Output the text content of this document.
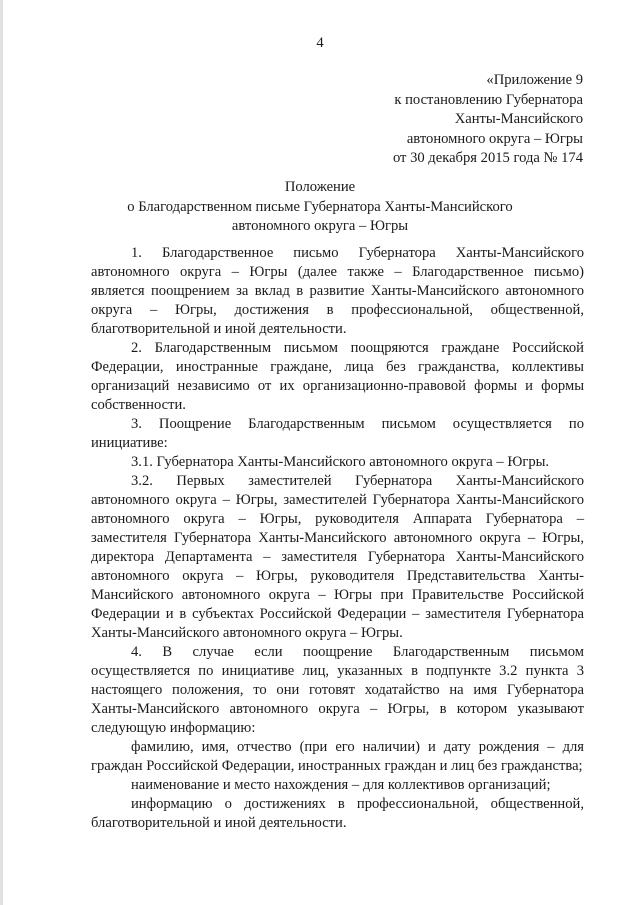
4
«Приложение 9
к постановлению Губернатора
Ханты-Мансийского
автономного округа – Югры
от 30 декабря 2015 года № 174
Положение
о Благодарственном письме Губернатора Ханты-Мансийского
автономного округа – Югры

1. Благодарственное письмо Губернатора Ханты-Мансийского автономного округа – Югры (далее также – Благодарственное письмо) является поощрением за вклад в развитие Ханты-Мансийского автономного округа – Югры, достижения в профессиональной, общественной, благотворительной и иной деятельности.

2. Благодарственным письмом поощряются граждане Российской Федерации, иностранные граждане, лица без гражданства, коллективы организаций независимо от их организационно-правовой формы и формы собственности.

3. Поощрение Благодарственным письмом осуществляется по инициативе:

3.1. Губернатора Ханты-Мансийского автономного округа – Югры.

3.2. Первых заместителей Губернатора Ханты-Мансийского автономного округа – Югры, заместителей Губернатора Ханты-Мансийского автономного округа – Югры, руководителя Аппарата Губернатора – заместителя Губернатора Ханты-Мансийского автономного округа – Югры, директора Департамента – заместителя Губернатора Ханты-Мансийского автономного округа – Югры, руководителя Представительства Ханты-Мансийского автономного округа – Югры при Правительстве Российской Федерации и в субъектах Российской Федерации – заместителя Губернатора Ханты-Мансийского автономного округа – Югры.

4. В случае если поощрение Благодарственным письмом осуществляется по инициативе лиц, указанных в подпункте 3.2 пункта 3 настоящего положения, то они готовят ходатайство на имя Губернатора Ханты-Мансийского автономного округа – Югры, в котором указывают следующую информацию:

фамилию, имя, отчество (при его наличии) и дату рождения – для граждан Российской Федерации, иностранных граждан и лиц без гражданства;

наименование и место нахождения – для коллективов организаций;

информацию о достижениях в профессиональной, общественной, благотворительной и иной деятельности.
